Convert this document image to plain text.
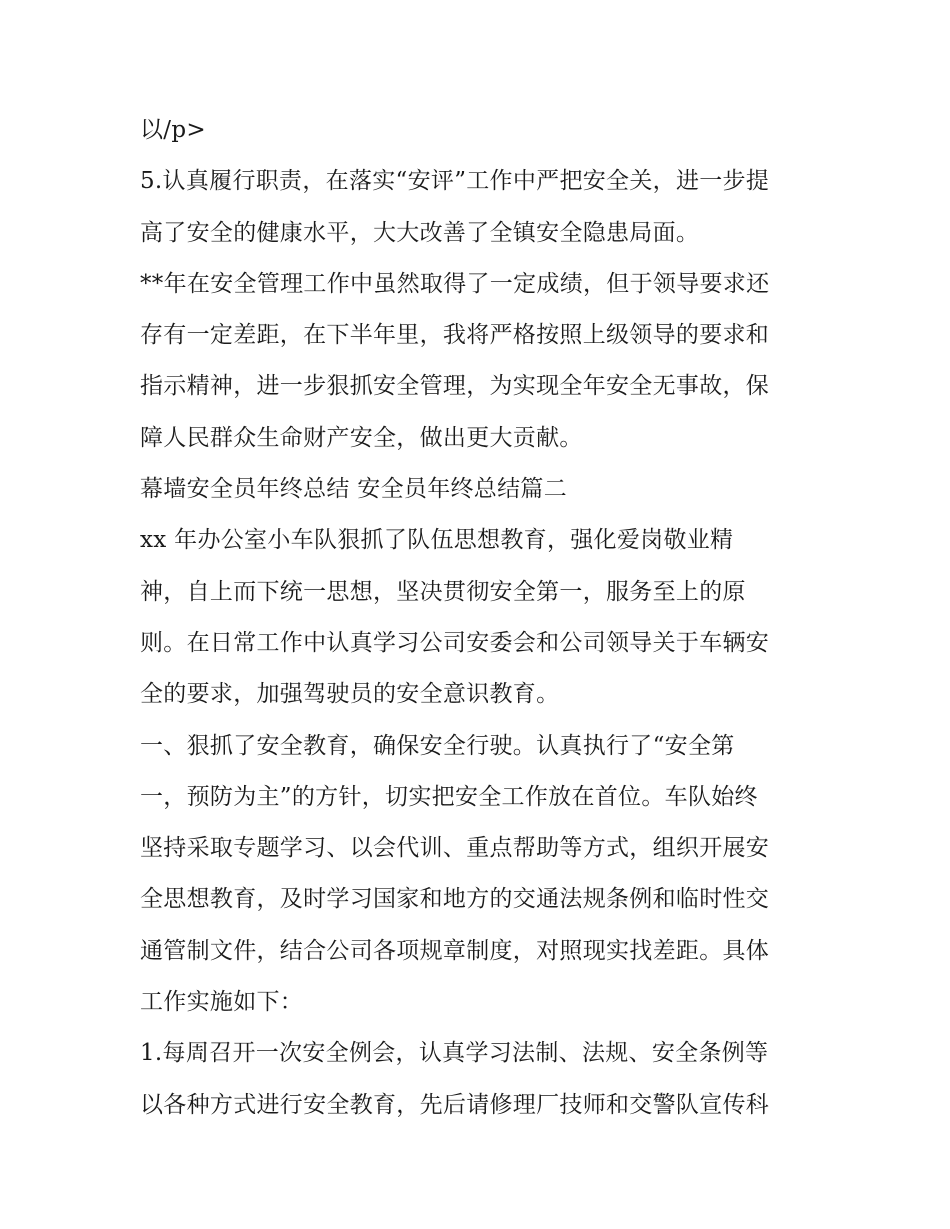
以/p>
5.认真履行职责，在落实“安评”工作中严把安全关，进一步提
高了安全的健康水平，大大改善了全镇安全隐患局面。
**年在安全管理工作中虽然取得了一定成绩，但于领导要求还
存有一定差距，在下半年里，我将严格按照上级领导的要求和
指示精神，进一步狠抓安全管理，为实现全年安全无事故，保
障人民群众生命财产安全，做出更大贡献。
幕墙安全员年终总结 安全员年终总结篇二
xx 年办公室小车队狠抓了队伍思想教育，强化爱岗敬业精
神，自上而下统一思想，坚决贯彻安全第一，服务至上的原
则。在日常工作中认真学习公司安委会和公司领导关于车辆安
全的要求，加强驾驶员的安全意识教育。
一、狠抓了安全教育，确保安全行驶。认真执行了“安全第
一，预防为主”的方针，切实把安全工作放在首位。车队始终
坚持采取专题学习、以会代训、重点帮助等方式，组织开展安
全思想教育，及时学习国家和地方的交通法规条例和临时性交
通管制文件，结合公司各项规章制度，对照现实找差距。具体
工作实施如下：
1.每周召开一次安全例会，认真学习法制、法规、安全条例等
以各种方式进行安全教育，先后请修理厂技师和交警队宣传科
